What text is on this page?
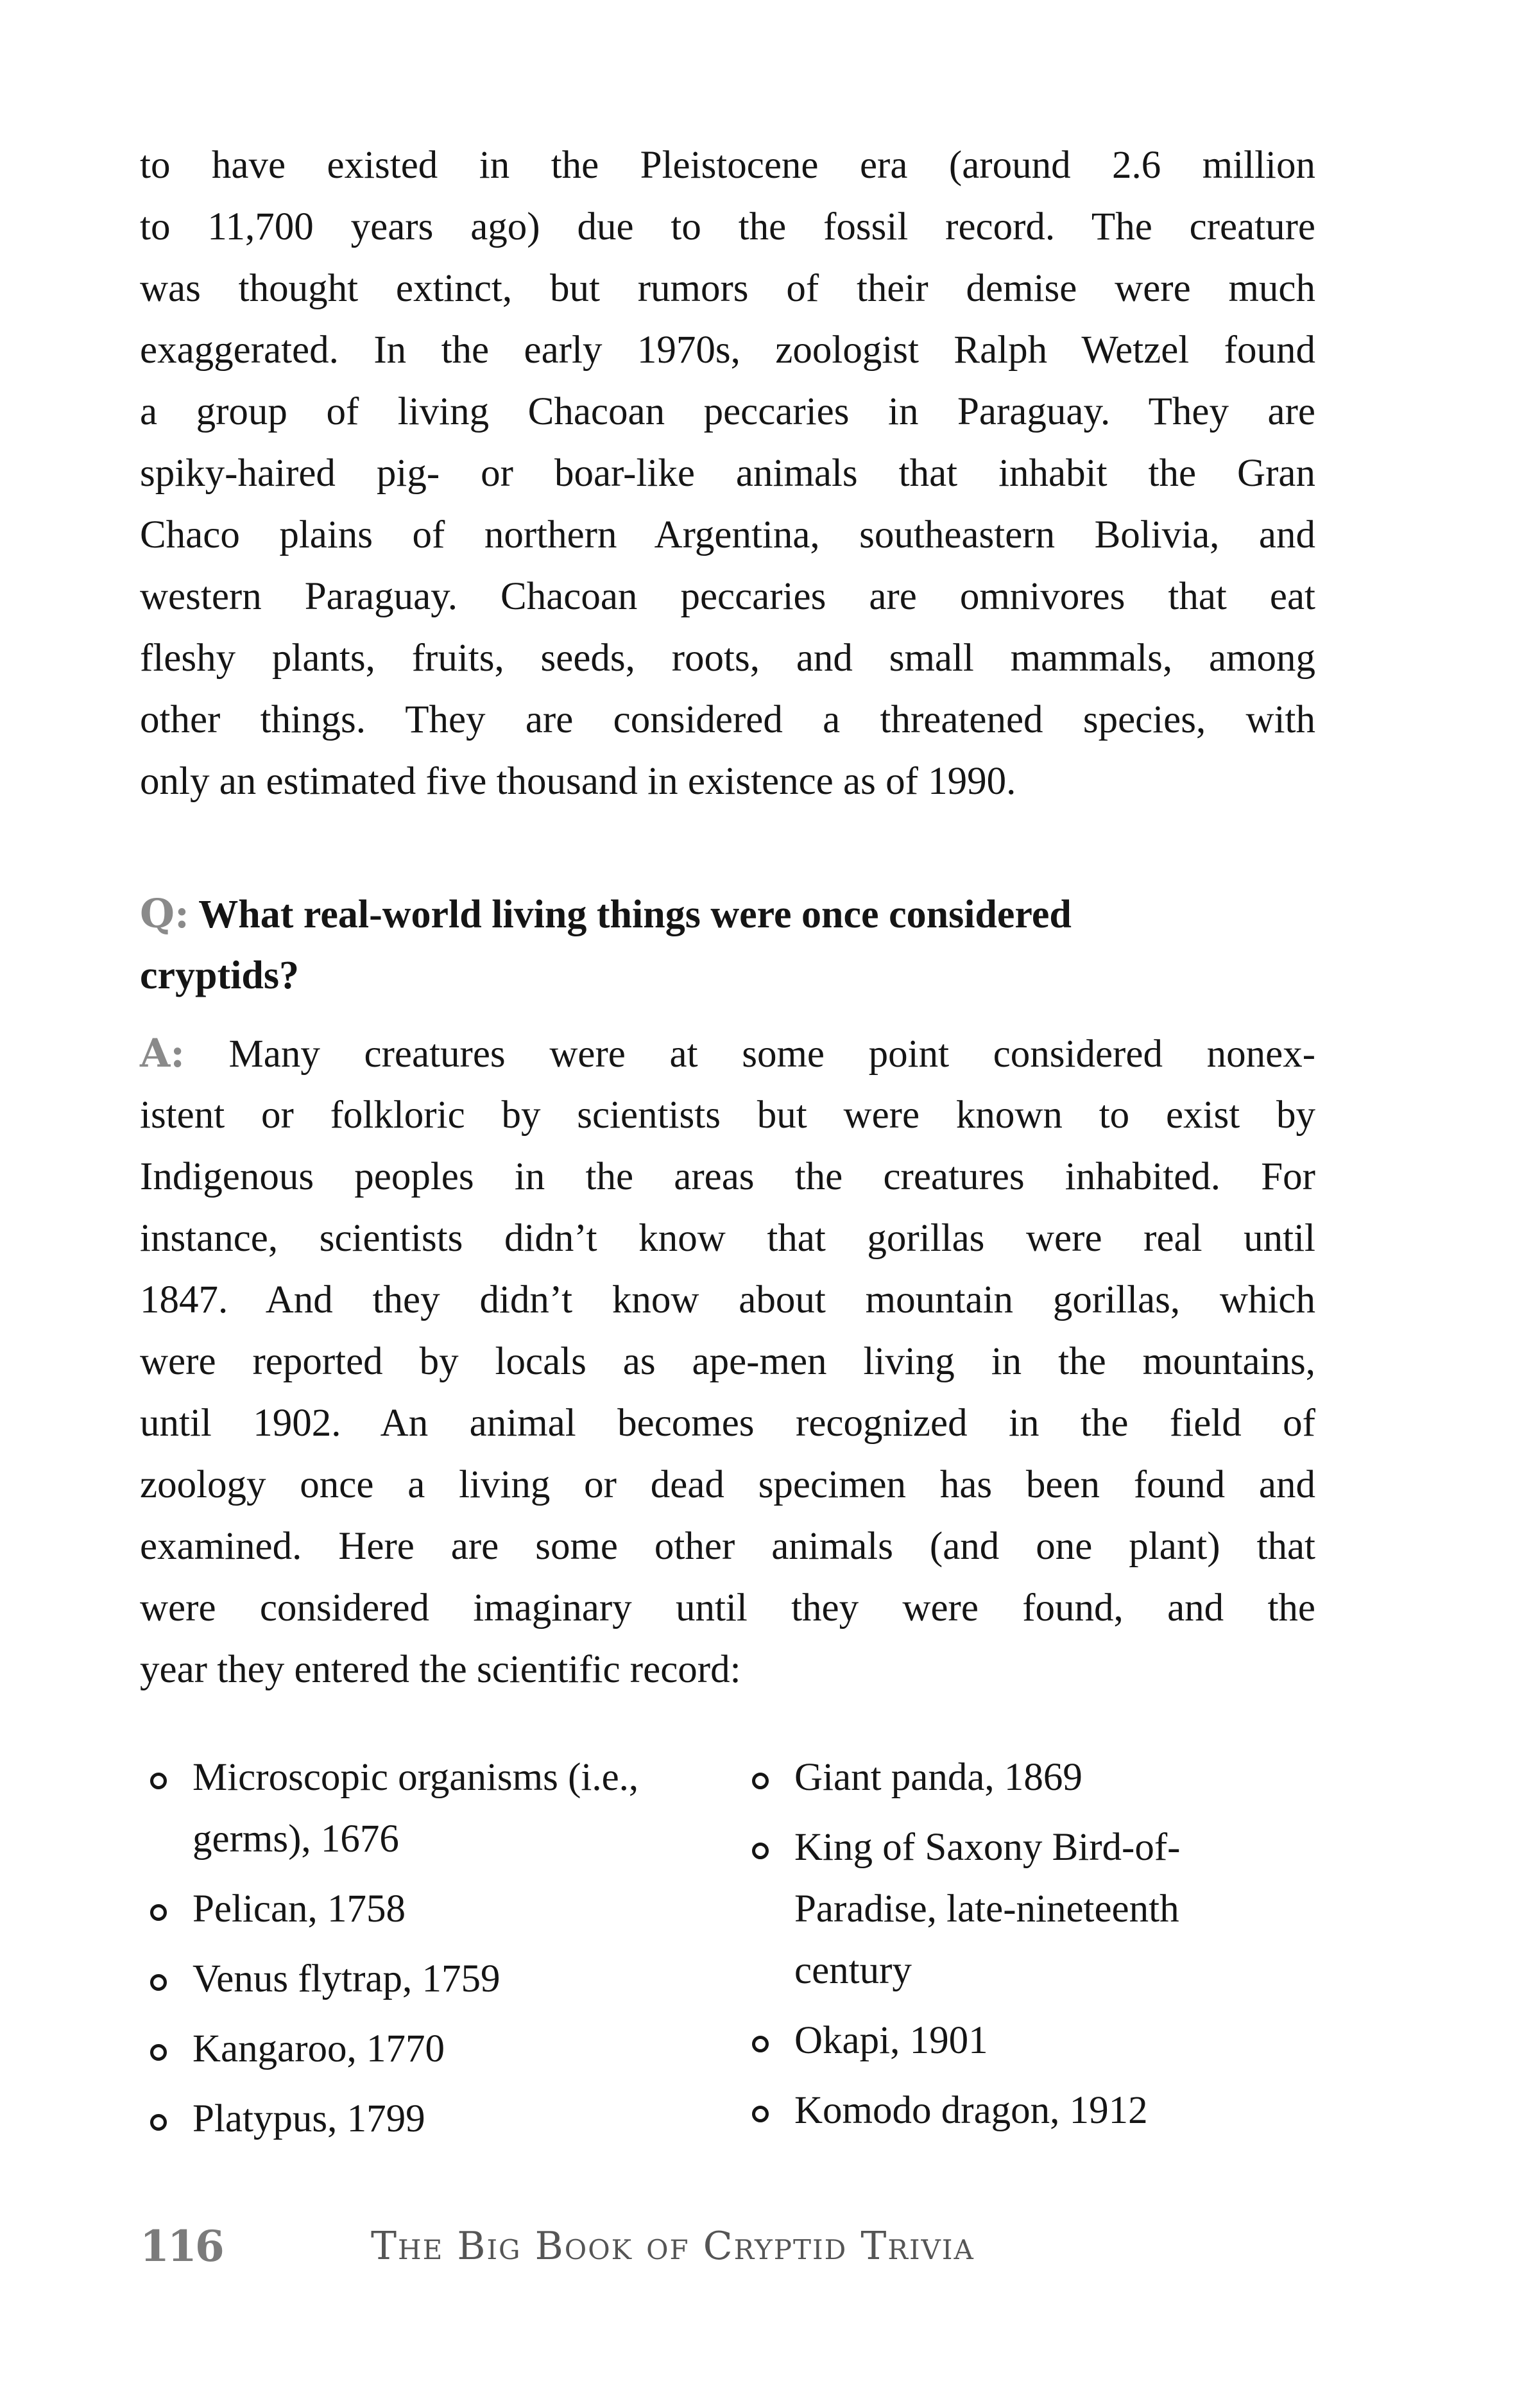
to have existed in the Pleistocene era (around 2.6 million
to 11,700 years ago) due to the fossil record. The creature
was thought extinct, but rumors of their demise were much
exaggerated. In the early 1970s, zoologist Ralph Wetzel found
a group of living Chacoan peccaries in Paraguay. They are
spiky-haired pig- or boar-like animals that inhabit the Gran
Chaco plains of northern Argentina, southeastern Bolivia, and
western Paraguay. Chacoan peccaries are omnivores that eat
fleshy plants, fruits, seeds, roots, and small mammals, among
other things. They are considered a threatened species, with
only an estimated five thousand in existence as of 1990.
Q: What real-world living things were once considered
cryptids?
A: Many creatures were at some point considered nonex-
istent or folkloric by scientists but were known to exist by
Indigenous peoples in the areas the creatures inhabited. For
instance, scientists didn’t know that gorillas were real until
1847. And they didn’t know about mountain gorillas, which
were reported by locals as ape-men living in the mountains,
until 1902. An animal becomes recognized in the field of
zoology once a living or dead specimen has been found and
examined. Here are some other animals (and one plant) that
were considered imaginary until they were found, and the
year they entered the scientific record:
Microscopic organisms (i.e., germs), 1676
Pelican, 1758
Venus flytrap, 1759
Kangaroo, 1770
Platypus, 1799
Giant panda, 1869
King of Saxony Bird-of-Paradise, late-nineteenth century
Okapi, 1901
Komodo dragon, 1912
116	The Big Book of Cryptid Trivia
